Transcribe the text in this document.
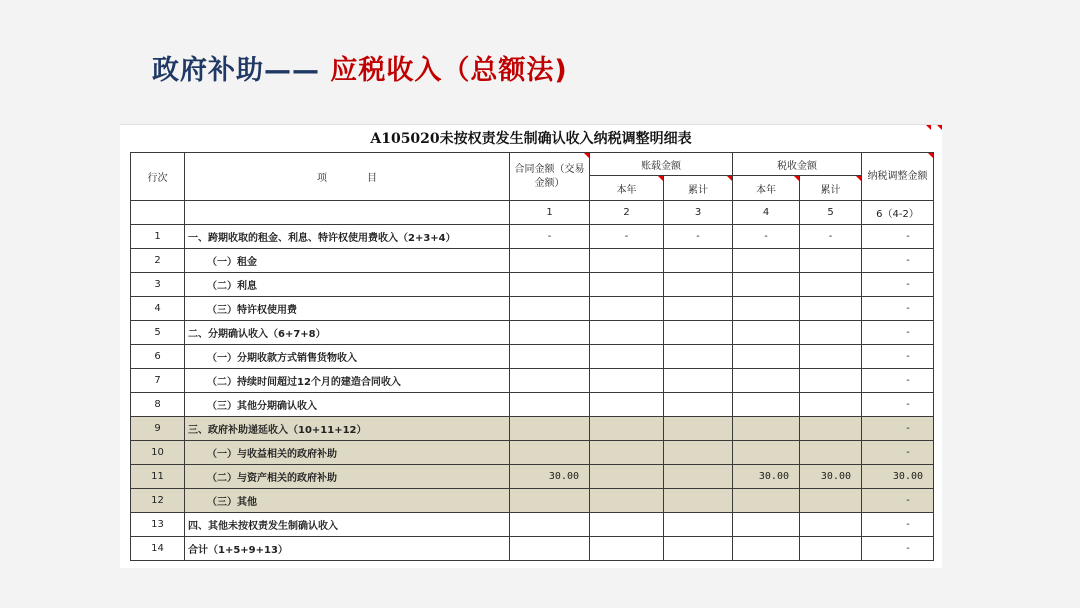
政府补助—— 应税收入（总额法)
A105020未按权责发生制确认收入纳税调整明细表
行次	项　　　　目	合同金额（交易金额）	账载金额		税收金额		纳税调整金额

			本年	累计	本年	累计	

		1	2	3	4	5	6（4-2）
1	一、跨期收取的租金、利息、特许权使用费收入（2+3+4）	-	-	-	-	-	-
2	（一）租金						-
3	（二）利息						-
4	（三）特许权使用费						-
5	二、分期确认收入（6+7+8）						-
6	（一）分期收款方式销售货物收入						-
7	（二）持续时间超过12个月的建造合同收入						-
8	（三）其他分期确认收入						-
9	三、政府补助递延收入（10+11+12）						-
10	（一）与收益相关的政府补助						-
11	（二）与资产相关的政府补助	30.00			30.00	30.00	30.00
12	（三）其他						-
13	四、其他未按权责发生制确认收入						-
14	合计（1+5+9+13）						-
